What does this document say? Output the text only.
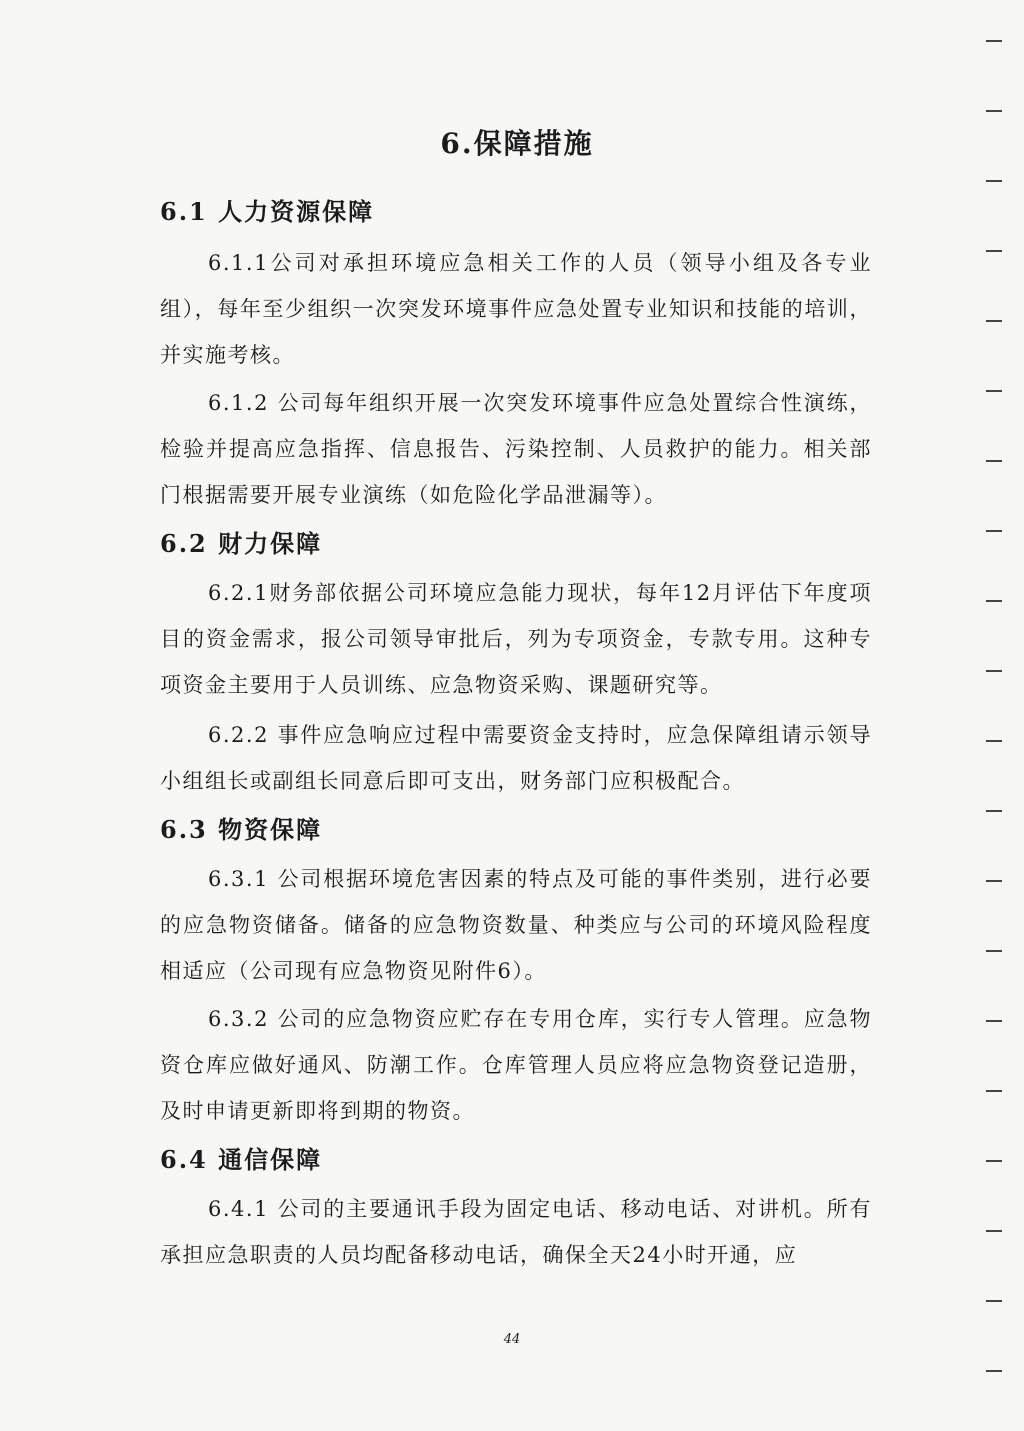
6.保障措施
6.1 人力资源保障

6.1.1公司对承担环境应急相关工作的人员（领导小组及各专业组），每年至少组织一次突发环境事件应急处置专业知识和技能的培训，并实施考核。

6.1.2 公司每年组织开展一次突发环境事件应急处置综合性演练，检验并提高应急指挥、信息报告、污染控制、人员救护的能力。相关部门根据需要开展专业演练（如危险化学品泄漏等）。

6.2 财力保障

6.2.1财务部依据公司环境应急能力现状，每年12月评估下年度项目的资金需求，报公司领导审批后，列为专项资金，专款专用。这种专项资金主要用于人员训练、应急物资采购、课题研究等。

6.2.2 事件应急响应过程中需要资金支持时，应急保障组请示领导小组组长或副组长同意后即可支出，财务部门应积极配合。

6.3 物资保障

6.3.1 公司根据环境危害因素的特点及可能的事件类别，进行必要的应急物资储备。储备的应急物资数量、种类应与公司的环境风险程度相适应（公司现有应急物资见附件6）。

6.3.2 公司的应急物资应贮存在专用仓库，实行专人管理。应急物资仓库应做好通风、防潮工作。仓库管理人员应将应急物资登记造册，及时申请更新即将到期的物资。

6.4 通信保障

6.4.1 公司的主要通讯手段为固定电话、移动电话、对讲机。所有承担应急职责的人员均配备移动电话，确保全天24小时开通，应

44
